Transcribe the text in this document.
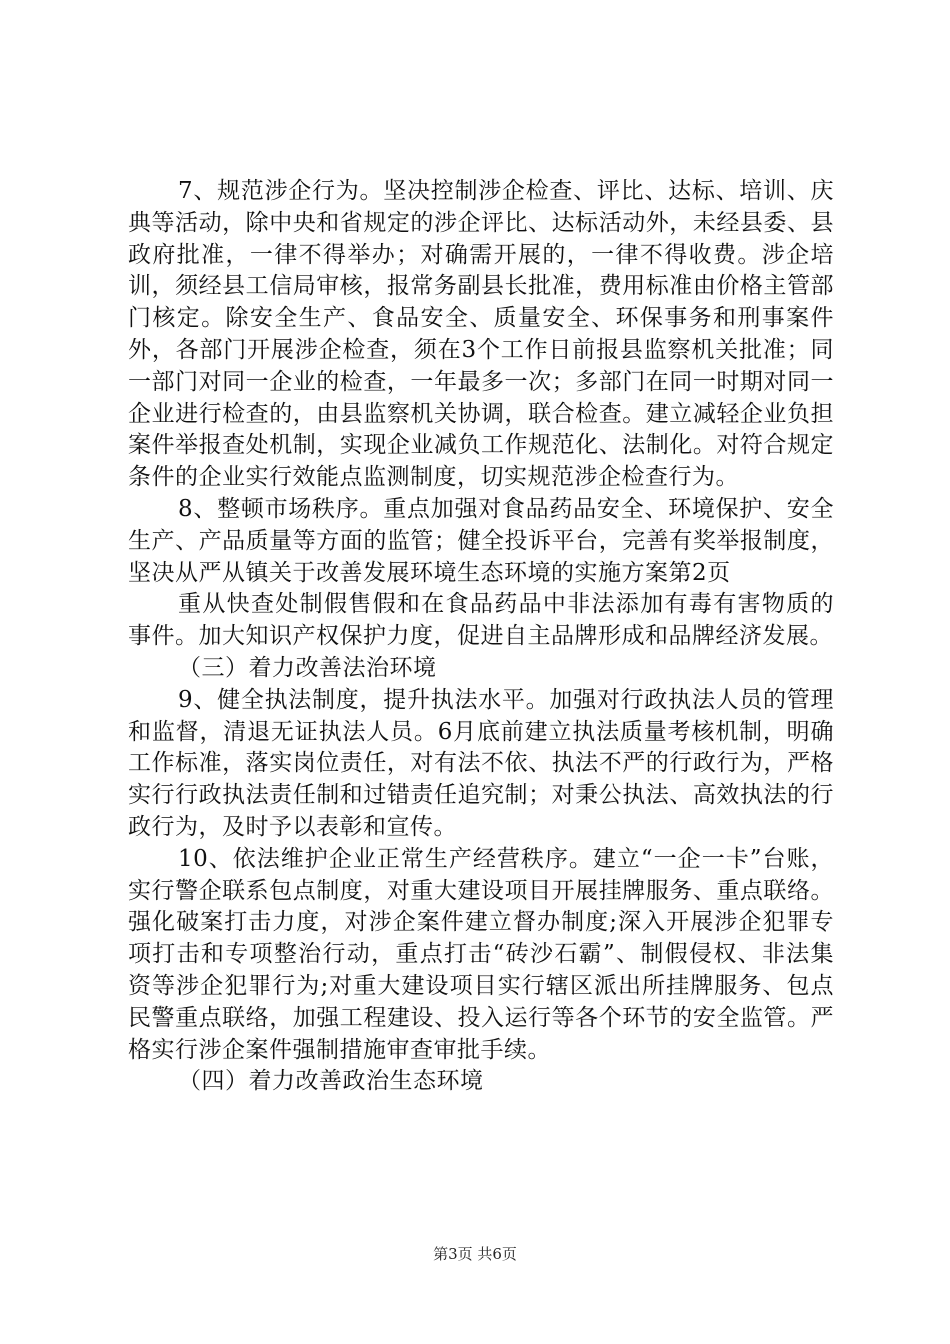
7、规范涉企行为。坚决控制涉企检查、评比、达标、培训、庆典等活动，除中央和省规定的涉企评比、达标活动外，未经县委、县政府批准，一律不得举办；对确需开展的，一律不得收费。涉企培训，须经县工信局审核，报常务副县长批准，费用标准由价格主管部门核定。除安全生产、食品安全、质量安全、环保事务和刑事案件外，各部门开展涉企检查，须在3个工作日前报县监察机关批准；同一部门对同一企业的检查，一年最多一次；多部门在同一时期对同一企业进行检查的，由县监察机关协调，联合检查。建立减轻企业负担案件举报查处机制，实现企业减负工作规范化、法制化。对符合规定条件的企业实行效能点监测制度，切实规范涉企检查行为。

8、整顿市场秩序。重点加强对食品药品安全、环境保护、安全生产、产品质量等方面的监管；健全投诉平台，完善有奖举报制度，坚决从严从镇关于改善发展环境生态环境的实施方案第2页

重从快查处制假售假和在食品药品中非法添加有毒有害物质的事件。加大知识产权保护力度，促进自主品牌形成和品牌经济发展。

（三）着力改善法治环境

9、健全执法制度，提升执法水平。加强对行政执法人员的管理和监督，清退无证执法人员。6月底前建立执法质量考核机制，明确工作标准，落实岗位责任，对有法不依、执法不严的行政行为，严格实行行政执法责任制和过错责任追究制；对秉公执法、高效执法的行政行为，及时予以表彰和宣传。

10、依法维护企业正常生产经营秩序。建立“一企一卡”台账，实行警企联系包点制度，对重大建设项目开展挂牌服务、重点联络。强化破案打击力度，对涉企案件建立督办制度;深入开展涉企犯罪专项打击和专项整治行动，重点打击“砖沙石霸”、制假侵权、非法集资等涉企犯罪行为;对重大建设项目实行辖区派出所挂牌服务、包点民警重点联络，加强工程建设、投入运行等各个环节的安全监管。严格实行涉企案件强制措施审查审批手续。

（四）着力改善政治生态环境

第3页 共6页
